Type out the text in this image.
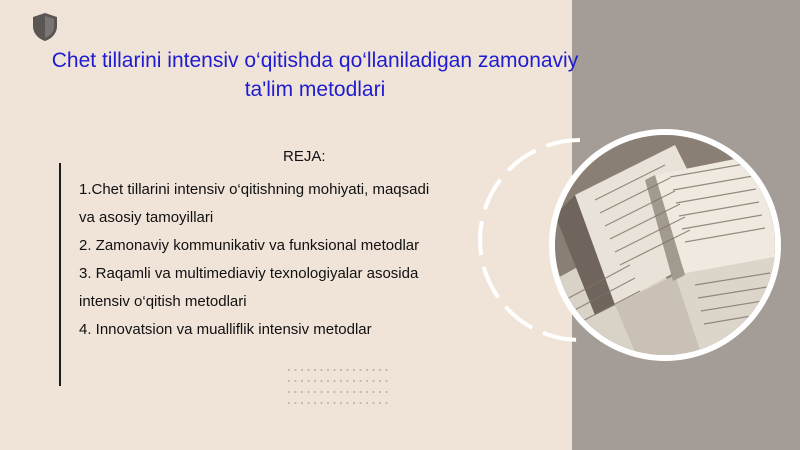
Chet tillarini intensiv o‘qitishda qo‘llaniladigan zamonaviy ta'lim metodlari
REJA:

1.Chet tillarini intensiv o‘qitishning mohiyati, maqsadi

va asosiy tamoyillari

2. Zamonaviy kommunikativ va funksional metodlar

3. Raqamli va multimediaviy texnologiyalar asosida

intensiv o‘qitish metodlari

4. Innovatsion va mualliflik intensiv metodlar
